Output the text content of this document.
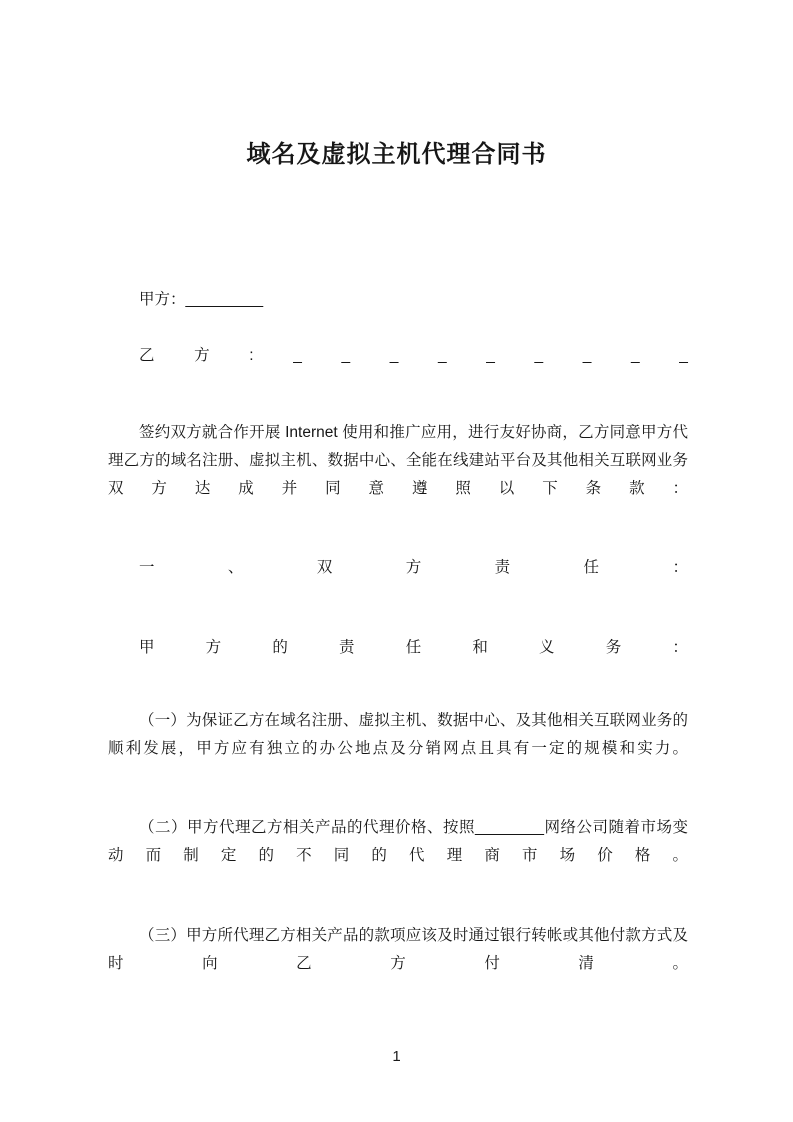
域名及虚拟主机代理合同书
甲方：_________
乙	方	:	_	_	_	_	_	_	_	_	_
签约双方就合作开展 Internet 使用和推广应用，进行友好协商，乙方同意甲方代
理乙方的域名注册、虚拟主机、数据中心、全能在线建站平台及其他相关互联网业务
双方达成并同意遵照以下条款：
一	、	双	方	责	任	：
甲	方	的	责	任	和	义	务	：
（一）为保证乙方在域名注册、虚拟主机、数据中心、及其他相关互联网业务的
顺利发展，甲方应有独立的办公地点及分销网点且具有一定的规模和实力。
（二）甲方代理乙方相关产品的代理价格、按照________网络公司随着市场变
动而制定的不同的代理商市场价格。
（三）甲方所代理乙方相关产品的款项应该及时通过银行转帐或其他付款方式及
时向乙方付清。
1
